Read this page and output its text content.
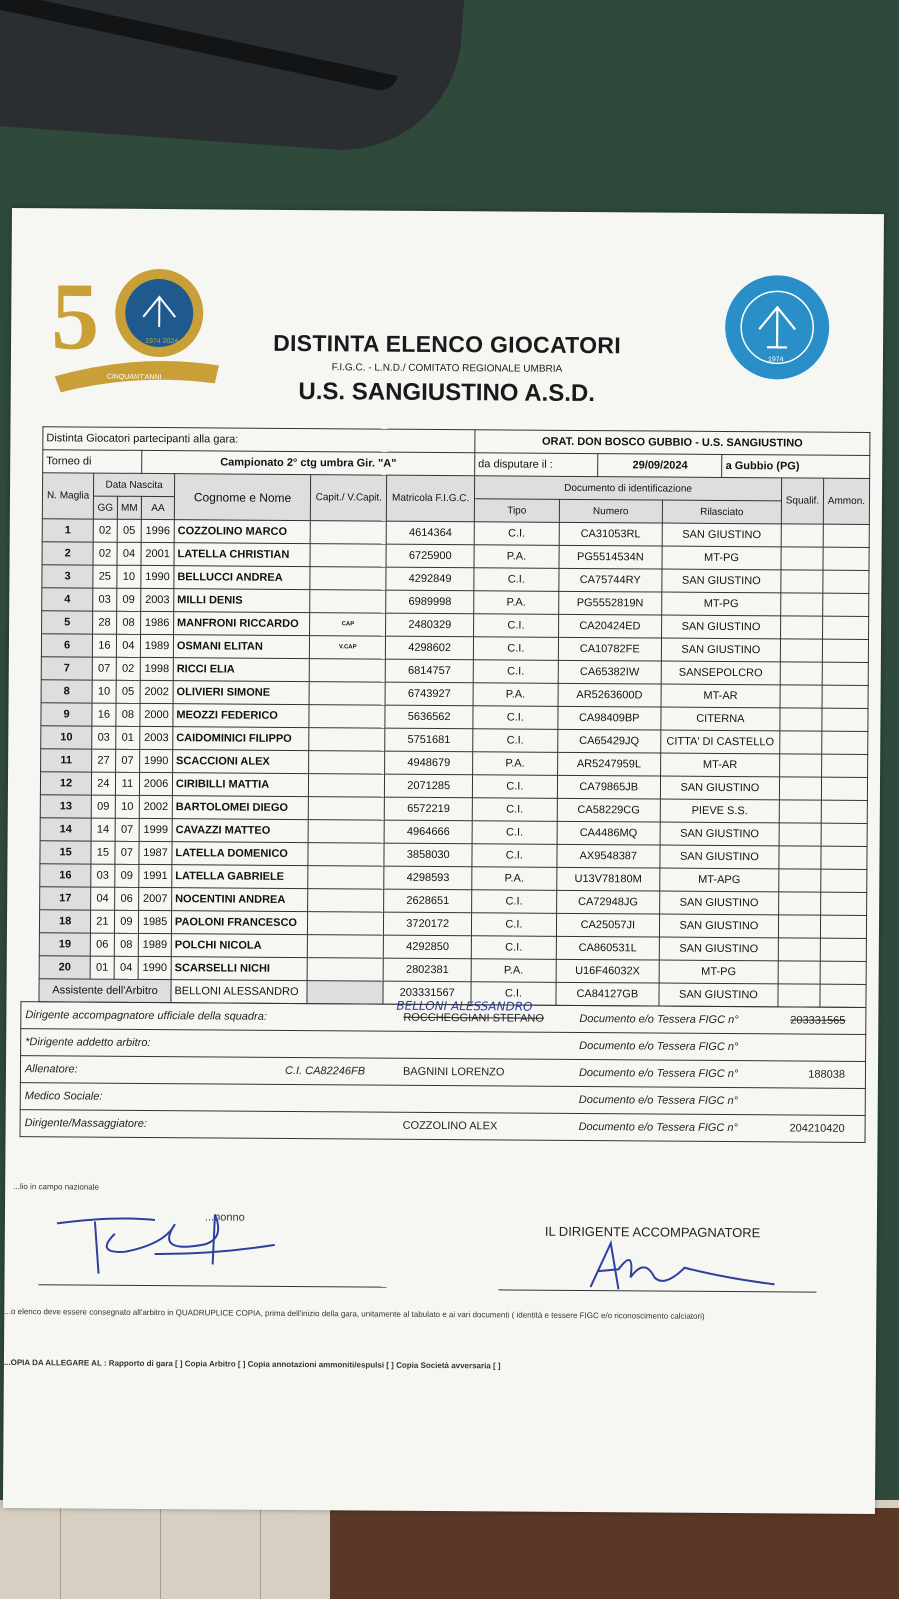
5	1974 2024
CINQUANT'ANNI
1974
DISTINTA ELENCO GIOCATORI
F.I.G.C. - L.N.D./ COMITATO REGIONALE UMBRIA
U.S. SANGIUSTINO A.S.D.
Distinta Giocatori partecipanti alla gara:							ORAT. DON BOSCO GUBBIO - U.S. SANGIUSTINO						
Torneo di			Campionato 2° ctg umbra Gir. "A"				da disputare il :		29/09/2024		a Gubbio (PG)		
N. Maglia	Data Nascita			Cognome e Nome	Capit./ V.Capit.	Matricola F.I.G.C.	Documento di identificazione					Squalif.	Ammon.
	GG	MM	AA				Tipo	Numero		Rilasciato			
1	02	05	1996	COZZOLINO MARCO		4614364	C.I.	CA31053RL		SAN GIUSTINO			
2	02	04	2001	LATELLA CHRISTIAN		6725900	P.A.	PG5514534N		MT-PG			
3	25	10	1990	BELLUCCI ANDREA		4292849	C.I.	CA75744RY		SAN GIUSTINO			
4	03	09	2003	MILLI DENIS		6989998	P.A.	PG5552819N		MT-PG			
5	28	08	1986	MANFRONI RICCARDO	CAP	2480329	C.I.	CA20424ED		SAN GIUSTINO			
6	16	04	1989	OSMANI ELITAN	V.CAP	4298602	C.I.	CA10782FE		SAN GIUSTINO			
7	07	02	1998	RICCI ELIA		6814757	C.I.	CA65382IW		SANSEPOLCRO			
8	10	05	2002	OLIVIERI SIMONE		6743927	P.A.	AR5263600D		MT-AR			
9	16	08	2000	MEOZZI FEDERICO		5636562	C.I.	CA98409BP		CITERNA			
10	03	01	2003	CAIDOMINICI FILIPPO		5751681	C.I.	CA65429JQ		CITTA' DI CASTELLO			
11	27	07	1990	SCACCIONI ALEX		4948679	P.A.	AR5247959L		MT-AR			
12	24	11	2006	CIRIBILLI MATTIA		2071285	C.I.	CA79865JB		SAN GIUSTINO			
13	09	10	2002	BARTOLOMEI DIEGO		6572219	C.I.	CA58229CG		PIEVE S.S.			
14	14	07	1999	CAVAZZI MATTEO		4964666	C.I.	CA4486MQ		SAN GIUSTINO			
15	15	07	1987	LATELLA DOMENICO		3858030	C.I.	AX9548387		SAN GIUSTINO			
16	03	09	1991	LATELLA GABRIELE		4298593	P.A.	U13V78180M		MT-APG			
17	04	06	2007	NOCENTINI ANDREA		2628651	C.I.	CA72948JG		SAN GIUSTINO			
18	21	09	1985	PAOLONI FRANCESCO		3720172	C.I.	CA25057JI		SAN GIUSTINO			
19	06	08	1989	POLCHI NICOLA		4292850	C.I.	CA860531L		SAN GIUSTINO			
20	01	04	1990	SCARSELLI NICHI		2802381	P.A.	U16F46032X		MT-PG			
Assistente dell'Arbitro				BELLONI ALESSANDRO		203331567	C.I.	CA84127GB		SAN GIUSTINO			
BELLONI ALESSANDRO
Dirigente accompagnatore ufficiale della squadra:	ROCCHEGGIANI STEFANO	Documento e/o Tessera FIGC n°	203331565
*Dirigente addetto arbitro:	Documento e/o Tessera FIGC n°
Allenatore:	C.I. CA82246FB	BAGNINI LORENZO	Documento e/o Tessera FIGC n°	188038
Medico Sociale:	Documento e/o Tessera FIGC n°
Dirigente/Massaggiatore:	COZZOLINO ALEX	Documento e/o Tessera FIGC n°	204210420
...lio in campo nazionale
...nonno
IL DIRIGENTE ACCOMPAGNATORE
...o elenco deve essere consegnato all'arbitro in QUADRUPLICE COPIA, prima dell'inizio della gara, unitamente al tabulato e ai vari documenti ( identità e tessere FIGC e/o riconoscimento calciatori)
...OPIA DA ALLEGARE AL : Rapporto di gara [ ] Copia Arbitro [ ] Copia annotazioni ammoniti/espulsi [ ] Copia Società avversaria [ ]
